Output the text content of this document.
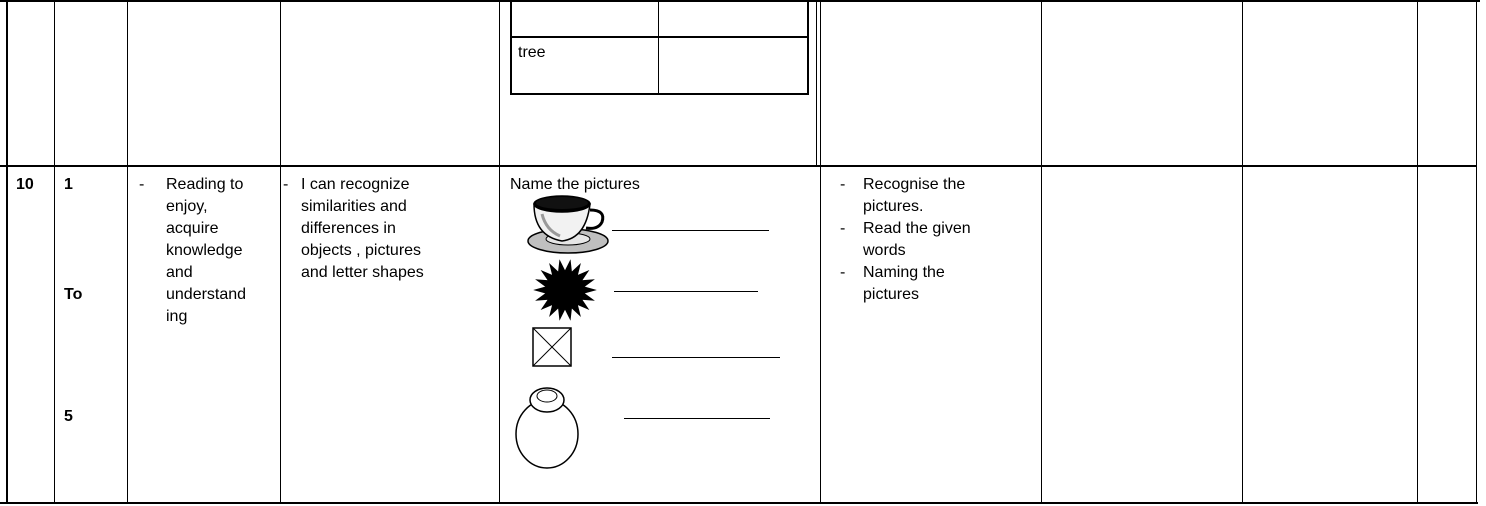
tree
10 1
To
5
- Reading to
enjoy,
acquire
knowledge
and
understand
ing
- I can recognize
similarities and
differences in
objects , pictures
and letter shapes
Name the pictures	- Recognise the
pictures.
- Read the given
words
- Naming the
pictures
